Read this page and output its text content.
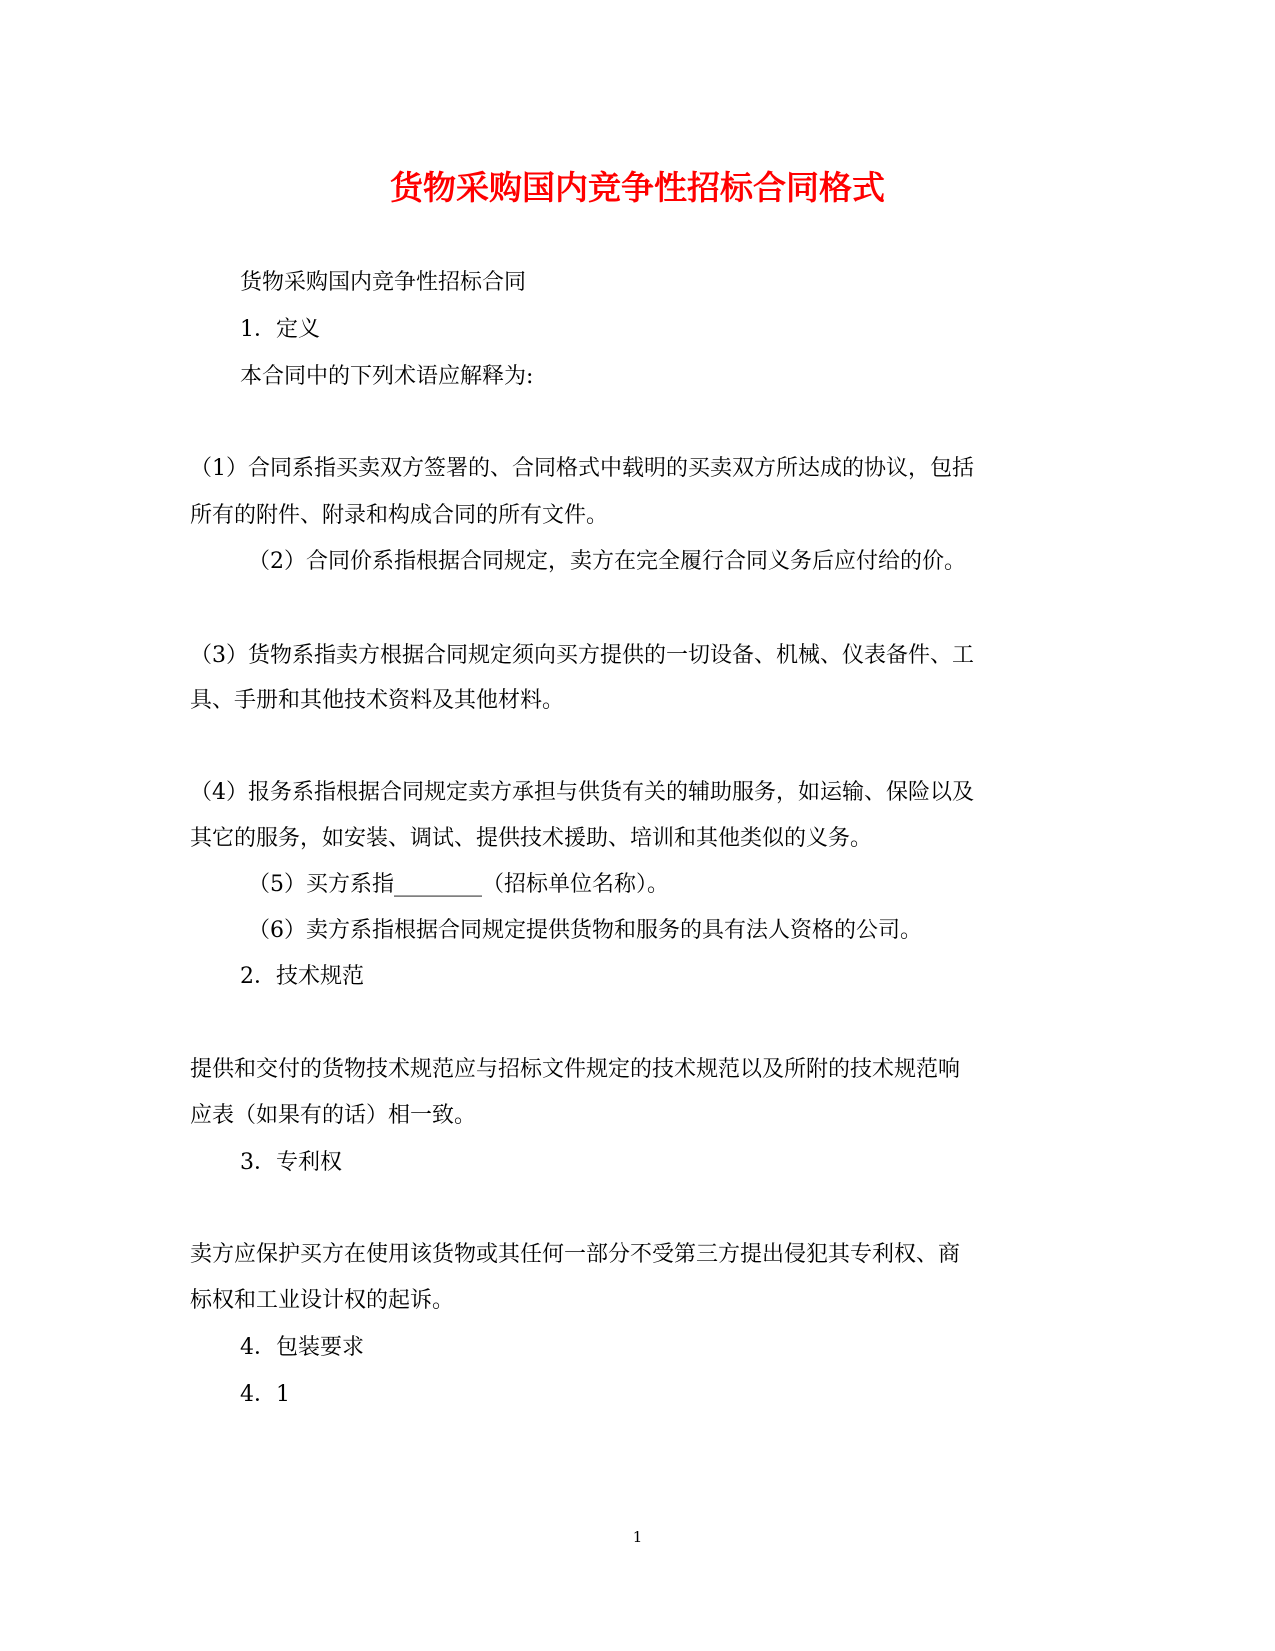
货物采购国内竞争性招标合同格式
货物采购国内竞争性招标合同
1．定义
本合同中的下列术语应解释为:
（1）合同系指买卖双方签署的、合同格式中载明的买卖双方所达成的协议，包括
所有的附件、附录和构成合同的所有文件。
（2）合同价系指根据合同规定，卖方在完全履行合同义务后应付给的价。
（3）货物系指卖方根据合同规定须向买方提供的一切设备、机械、仪表备件、工
具、手册和其他技术资料及其他材料。
（4）报务系指根据合同规定卖方承担与供货有关的辅助服务，如运输、保险以及
其它的服务，如安装、调试、提供技术援助、培训和其他类似的义务。
（5）买方系指________（招标单位名称）。
（6）卖方系指根据合同规定提供货物和服务的具有法人资格的公司。
2．技术规范
提供和交付的货物技术规范应与招标文件规定的技术规范以及所附的技术规范响
应表（如果有的话）相一致。
3．专利权
卖方应保护买方在使用该货物或其任何一部分不受第三方提出侵犯其专利权、商
标权和工业设计权的起诉。
4．包装要求
4．1
1
